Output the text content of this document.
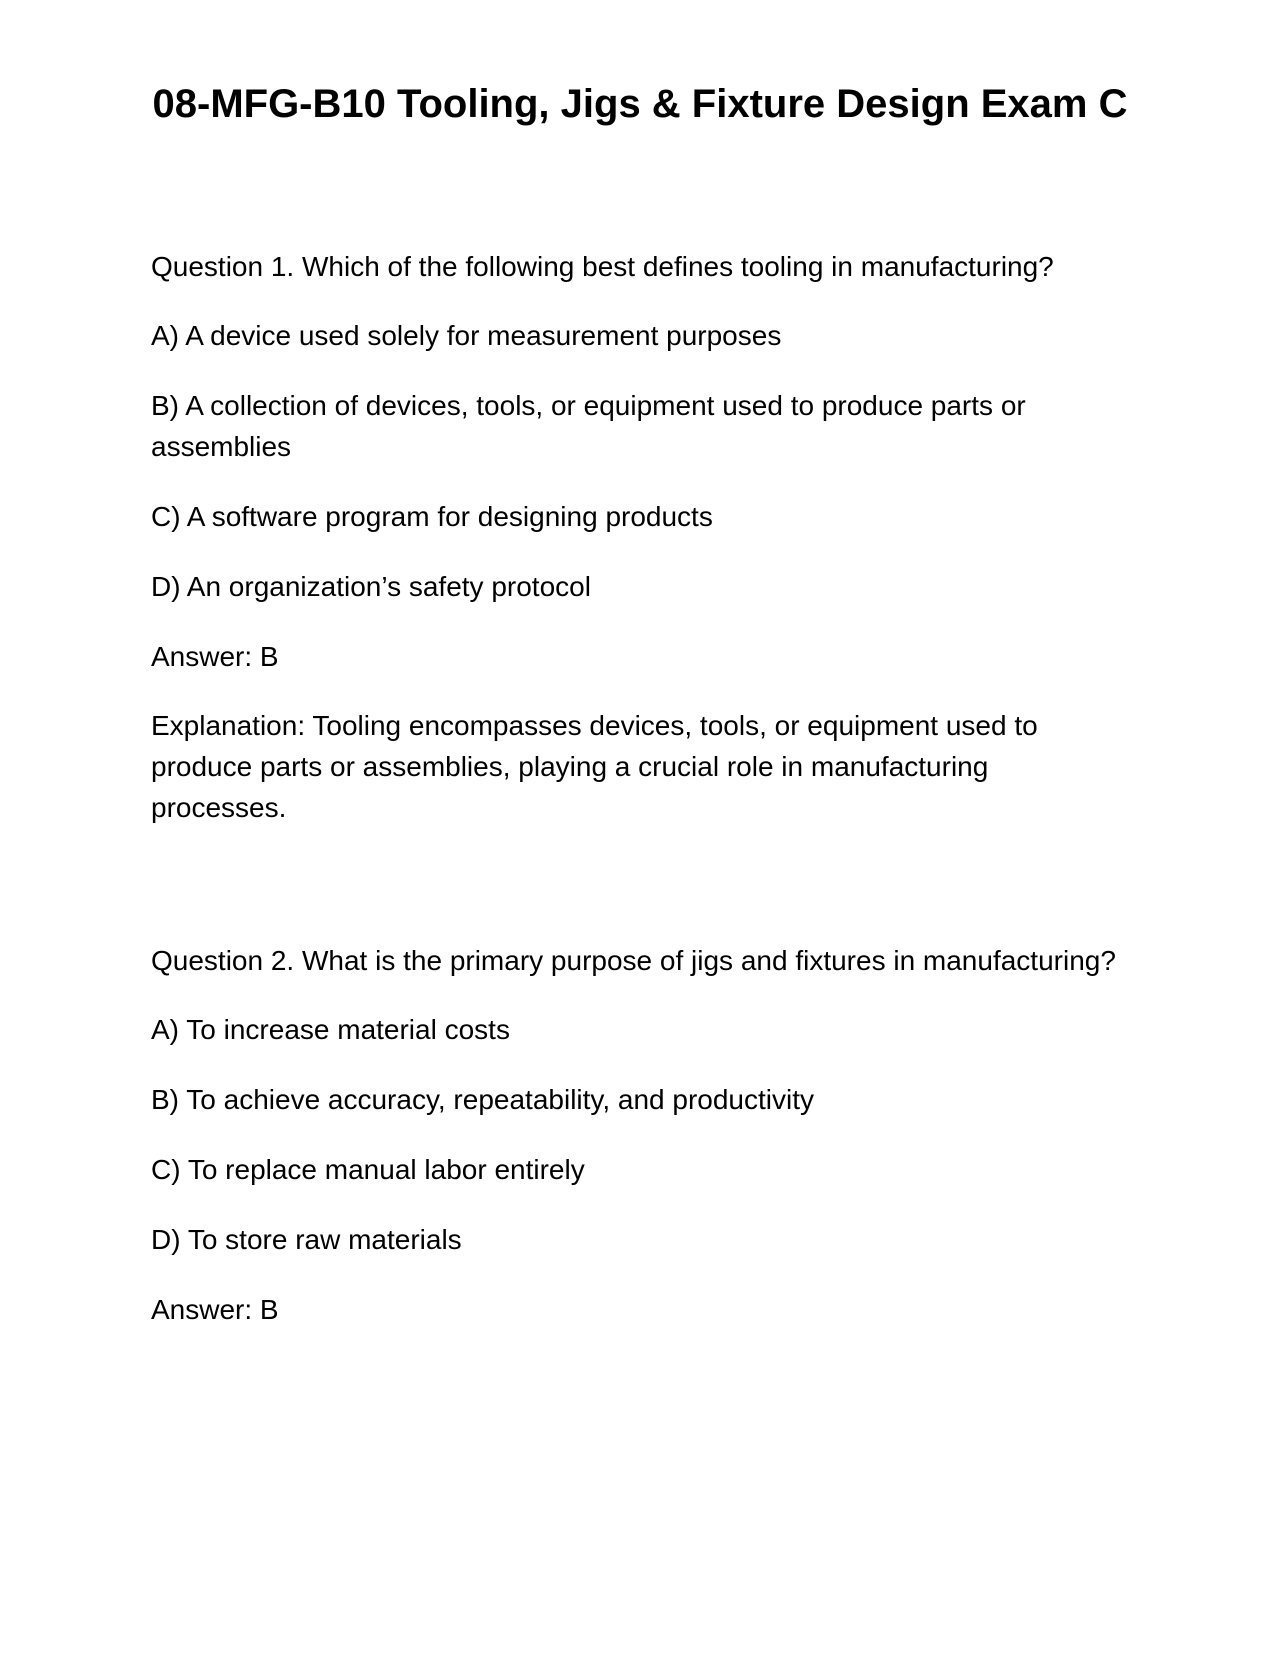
08-MFG-B10 Tooling, Jigs & Fixture Design Exam C

Question 1. Which of the following best defines tooling in manufacturing?

A) A device used solely for measurement purposes

B) A collection of devices, tools, or equipment used to produce parts or assemblies

C) A software program for designing products

D) An organization’s safety protocol

Answer: B

Explanation: Tooling encompasses devices, tools, or equipment used to produce parts or assemblies, playing a crucial role in manufacturing processes.

Question 2. What is the primary purpose of jigs and fixtures in manufacturing?

A) To increase material costs

B) To achieve accuracy, repeatability, and productivity

C) To replace manual labor entirely

D) To store raw materials

Answer: B
